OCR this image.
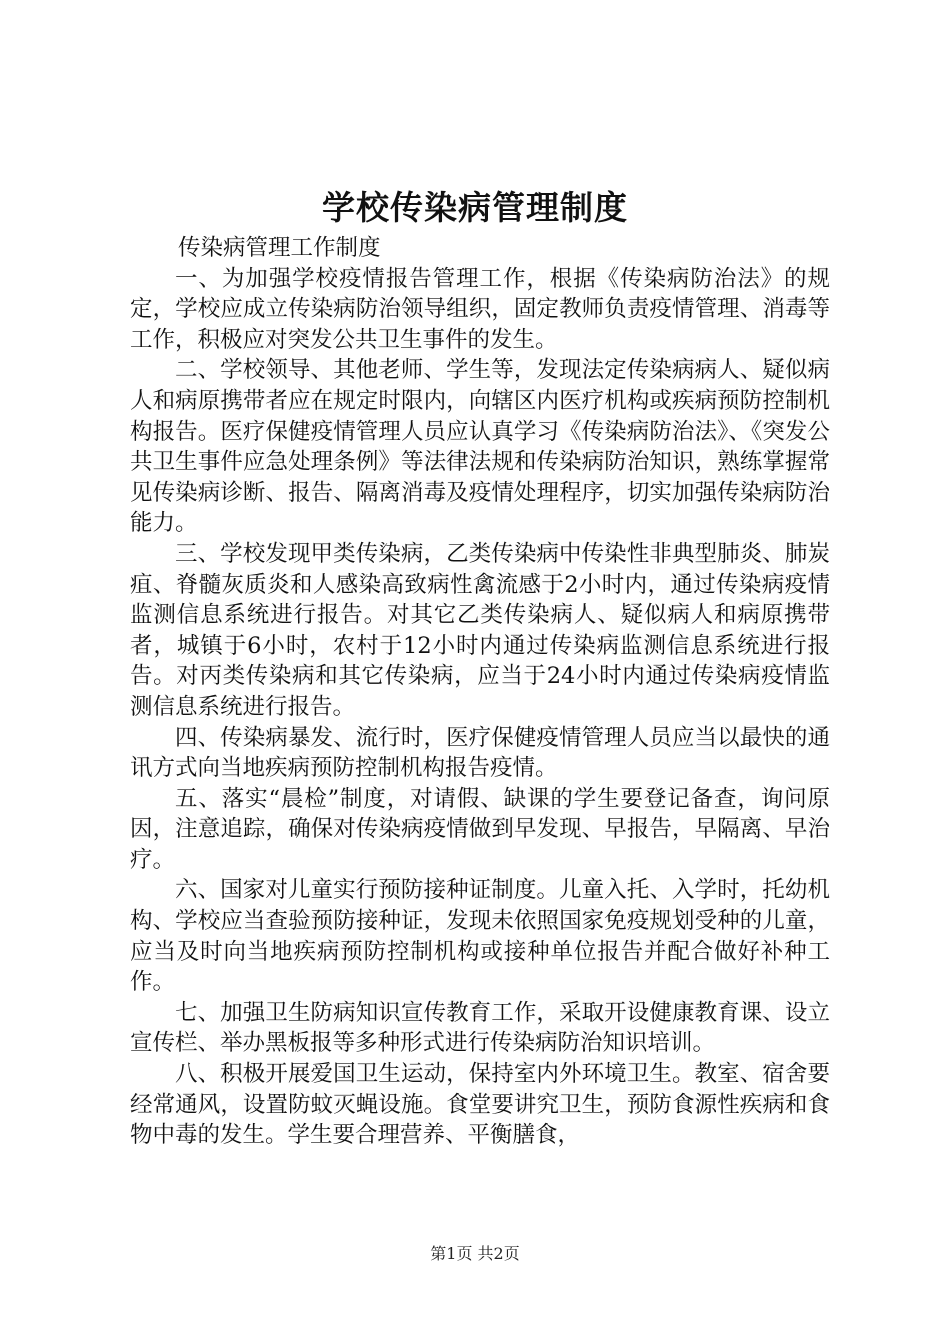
学校传染病管理制度

传染病管理工作制度

一、为加强学校疫情报告管理工作，根据《传染病防治法》的规定，学校应成立传染病防治领导组织，固定教师负责疫情管理、消毒等工作，积极应对突发公共卫生事件的发生。

二、学校领导、其他老师、学生等，发现法定传染病病人、疑似病人和病原携带者应在规定时限内，向辖区内医疗机构或疾病预防控制机构报告。医疗保健疫情管理人员应认真学习《传染病防治法》、《突发公共卫生事件应急处理条例》等法律法规和传染病防治知识，熟练掌握常见传染病诊断、报告、隔离消毒及疫情处理程序，切实加强传染病防治能力。

三、学校发现甲类传染病，乙类传染病中传染性非典型肺炎、肺炭疽、脊髓灰质炎和人感染高致病性禽流感于2小时内，通过传染病疫情监测信息系统进行报告。对其它乙类传染病人、疑似病人和病原携带者，城镇于6小时，农村于12小时内通过传染病监测信息系统进行报告。对丙类传染病和其它传染病，应当于24小时内通过传染病疫情监测信息系统进行报告。

四、传染病暴发、流行时，医疗保健疫情管理人员应当以最快的通讯方式向当地疾病预防控制机构报告疫情。

五、落实“晨检”制度，对请假、缺课的学生要登记备查，询问原因，注意追踪，确保对传染病疫情做到早发现、早报告，早隔离、早治疗。

六、国家对儿童实行预防接种证制度。儿童入托、入学时，托幼机构、学校应当查验预防接种证，发现未依照国家免疫规划受种的儿童，应当及时向当地疾病预防控制机构或接种单位报告并配合做好补种工作。

七、加强卫生防病知识宣传教育工作，采取开设健康教育课、设立宣传栏、举办黑板报等多种形式进行传染病防治知识培训。

八、积极开展爱国卫生运动，保持室内外环境卫生。教室、宿舍要经常通风，设置防蚊灭蝇设施。食堂要讲究卫生，预防食源性疾病和食物中毒的发生。学生要合理营养、平衡膳食，

第1页 共2页
